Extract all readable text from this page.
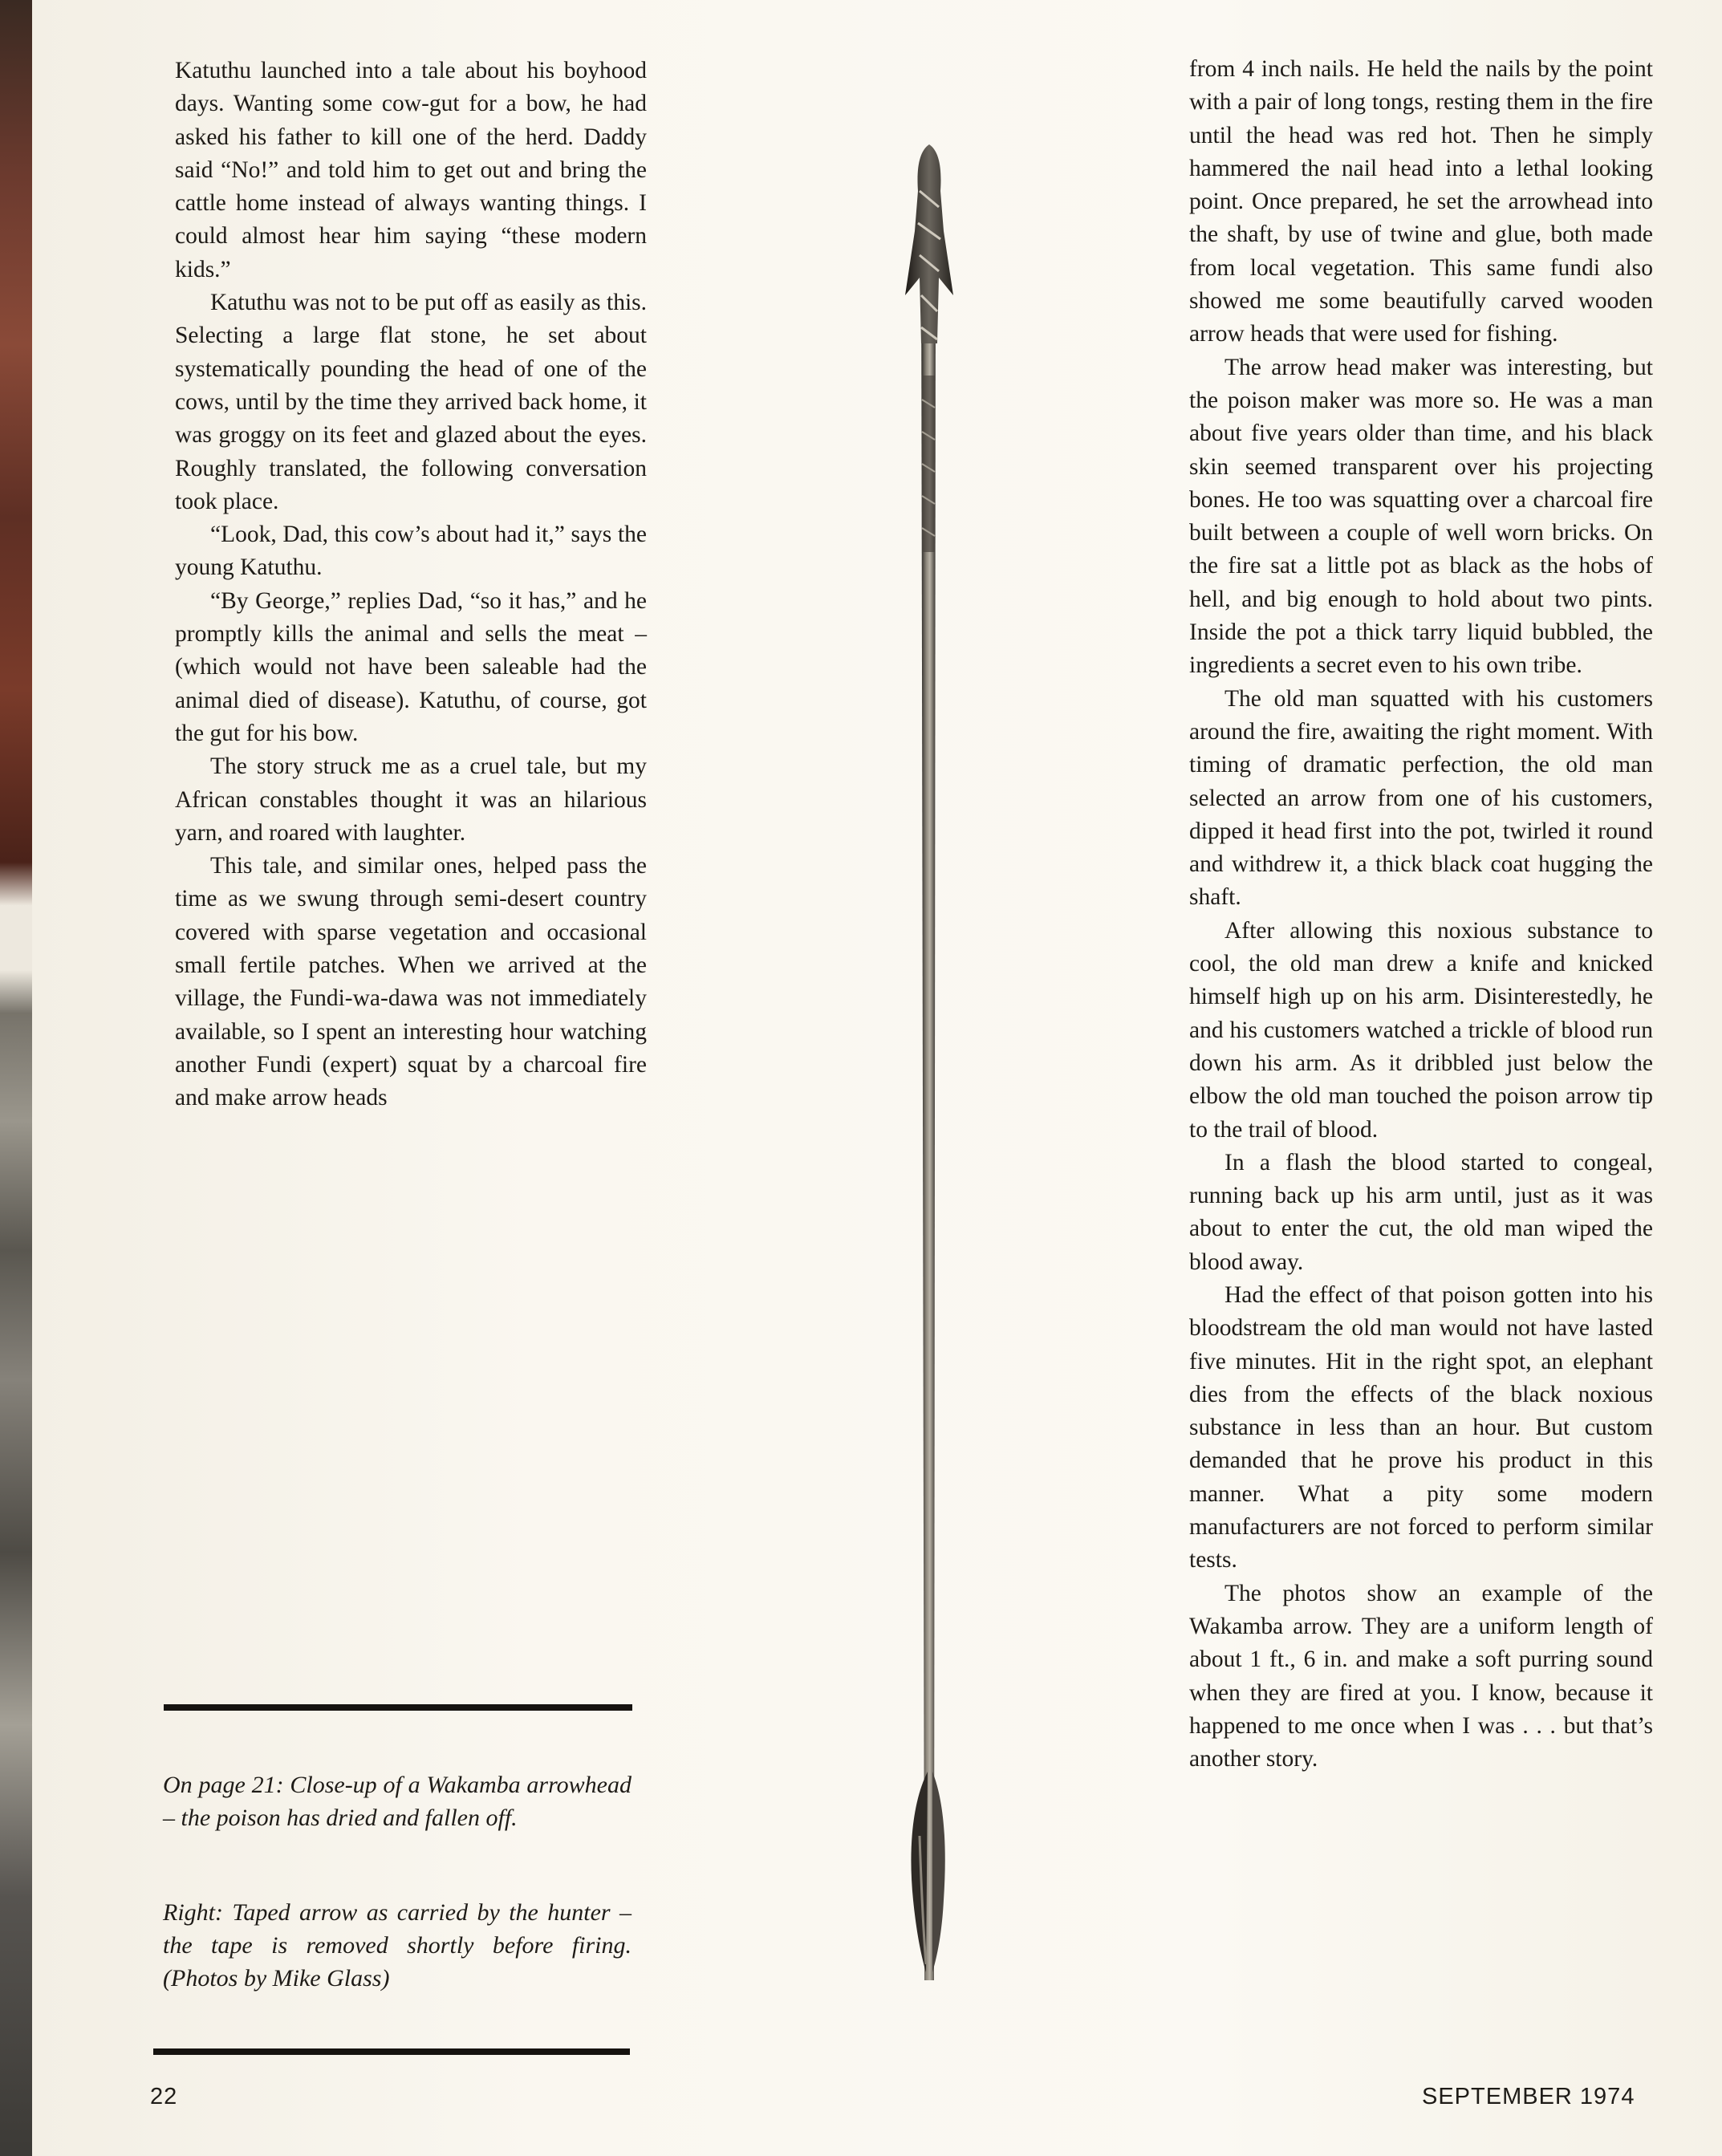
Katuthu launched into a tale about his boyhood days. Wanting some cow-gut for a bow, he had asked his father to kill one of the herd. Daddy said “No!” and told him to get out and bring the cattle home instead of always wanting things. I could almost hear him saying “these modern kids.”

Katuthu was not to be put off as easily as this. Selecting a large flat stone, he set about systematically pounding the head of one of the cows, until by the time they arrived back home, it was groggy on its feet and glazed about the eyes. Roughly translated, the following conversation took place.

“Look, Dad, this cow’s about had it,” says the young Katuthu.

“By George,” replies Dad, “so it has,” and he promptly kills the animal and sells the meat – (which would not have been saleable had the animal died of disease). Katuthu, of course, got the gut for his bow.

The story struck me as a cruel tale, but my African constables thought it was an hilarious yarn, and roared with laughter.

This tale, and similar ones, helped pass the time as we swung through semi-desert country covered with sparse vegetation and occasional small fertile patches. When we arrived at the village, the Fundi-wa-dawa was not immediately available, so I spent an interesting hour watching another Fundi (expert) squat by a charcoal fire and make arrow heads

from 4 inch nails. He held the nails by the point with a pair of long tongs, resting them in the fire until the head was red hot. Then he simply hammered the nail head into a lethal looking point. Once prepared, he set the arrowhead into the shaft, by use of twine and glue, both made from local vegetation. This same fundi also showed me some beautifully carved wooden arrow heads that were used for fishing.

The arrow head maker was interesting, but the poison maker was more so. He was a man about five years older than time, and his black skin seemed transparent over his projecting bones. He too was squatting over a charcoal fire built between a couple of well worn bricks. On the fire sat a little pot as black as the hobs of hell, and big enough to hold about two pints. Inside the pot a thick tarry liquid bubbled, the ingredients a secret even to his own tribe.

The old man squatted with his customers around the fire, awaiting the right moment. With timing of dramatic perfection, the old man selected an arrow from one of his customers, dipped it head first into the pot, twirled it round and withdrew it, a thick black coat hugging the shaft.

After allowing this noxious substance to cool, the old man drew a knife and knicked himself high up on his arm. Disinterestedly, he and his customers watched a trickle of blood run down his arm. As it dribbled just below the elbow the old man touched the poison arrow tip to the trail of blood.

In a flash the blood started to congeal, running back up his arm until, just as it was about to enter the cut, the old man wiped the blood away.

Had the effect of that poison gotten into his bloodstream the old man would not have lasted five minutes. Hit in the right spot, an elephant dies from the effects of the black noxious substance in less than an hour. But custom demanded that he prove his product in this manner. What a pity some modern manufacturers are not forced to perform similar tests.

The photos show an example of the Wakamba arrow. They are a uniform length of about 1 ft., 6 in. and make a soft purring sound when they are fired at you. I know, because it happened to me once when I was . . . but that’s another story.

On page 21: Close-up of a Wakamba arrowhead – the poison has dried and fallen off.
Right: Taped arrow as carried by the hunter – the tape is removed shortly before firing. (Photos by Mike Glass)
22	SEPTEMBER 1974
